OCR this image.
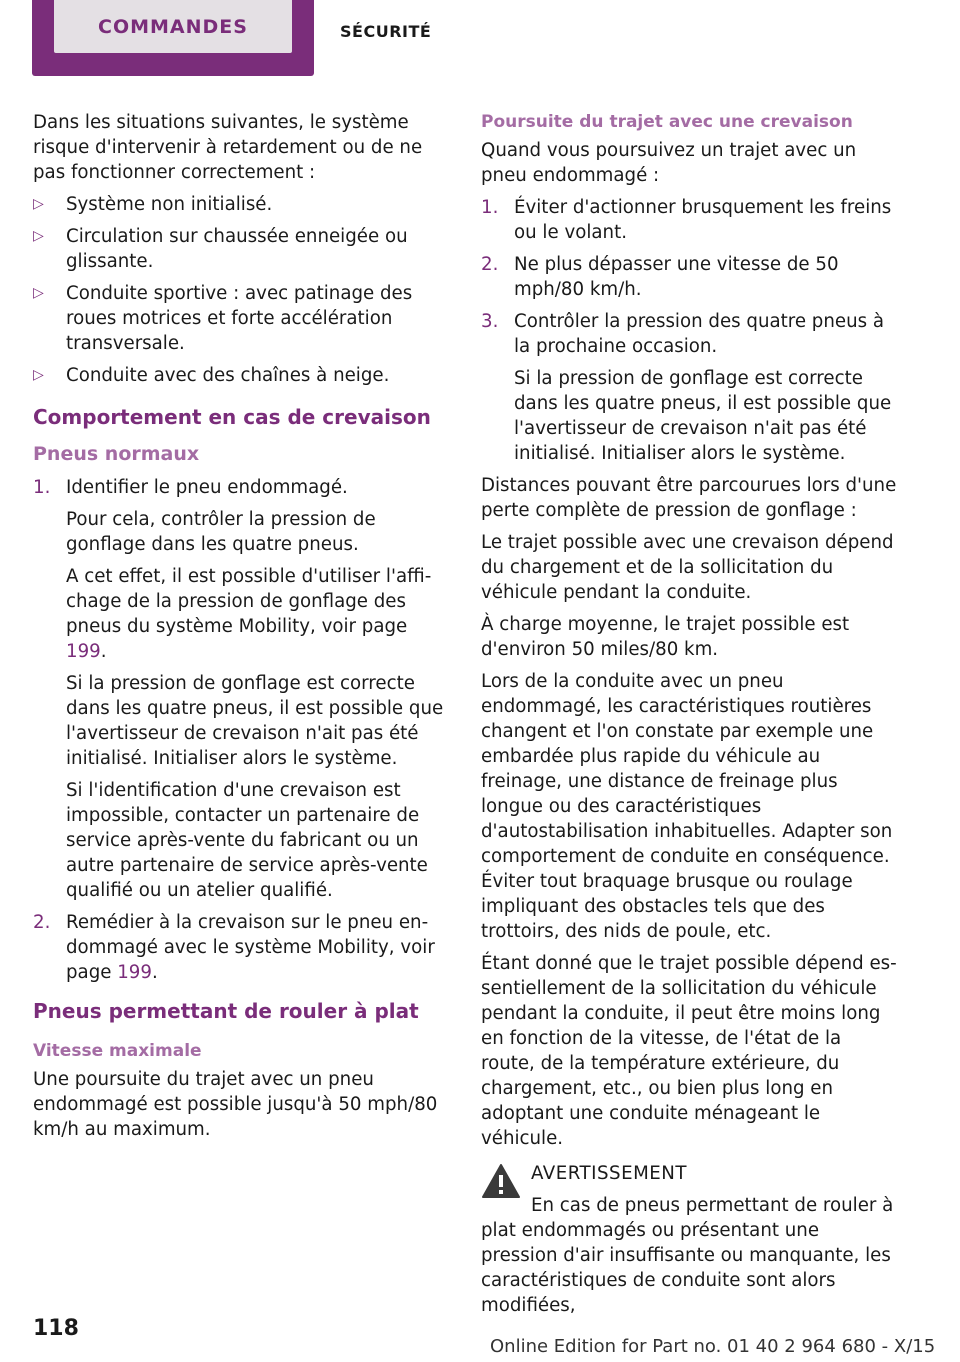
COMMANDES	SÉCURITÉ

Dans les situations suivantes, le système risque d'intervenir à retardement ou de ne pas fonctionner correctement :

▷ Système non initialisé.
▷ Circulation sur chaussée enneigée ou glissante.
▷ Conduite sportive : avec patinage des roues motrices et forte accélération transversale.
▷ Conduite avec des chaînes à neige.
Comportement en cas de crevaison
Pneus normaux
1. Identifier le pneu endommagé.

Pour cela, contrôler la pression de gonflage dans les quatre pneus.

A cet effet, il est possible d'utiliser l'affichage de la pression de gonflage des pneus du système Mobility, voir page 199.

Si la pression de gonflage est correcte dans les quatre pneus, il est possible que l'avertisseur de crevaison n'ait pas été initialisé. Initialiser alors le système.

Si l'identification d'une crevaison est impossible, contacter un partenaire de service après-vente du fabricant ou un autre partenaire de service après-vente qualifié ou un atelier qualifié.

2. Remédier à la crevaison sur le pneu endommagé avec le système Mobility, voir page 199.

Pneus permettant de rouler à plat
Vitesse maximale

Une poursuite du trajet avec un pneu endommagé est possible jusqu'à 50 mph/80 km/h au maximum.

Poursuite du trajet avec une crevaison

Quand vous poursuivez un trajet avec un pneu endommagé :

1. Éviter d'actionner brusquement les freins ou le volant.

2. Ne plus dépasser une vitesse de 50 mph/80 km/h.

3. Contrôler la pression des quatre pneus à la prochaine occasion.

Si la pression de gonflage est correcte dans les quatre pneus, il est possible que l'avertisseur de crevaison n'ait pas été initialisé. Initialiser alors le système.

Distances pouvant être parcourues lors d'une perte complète de pression de gonflage :

Le trajet possible avec une crevaison dépend du chargement et de la sollicitation du véhicule pendant la conduite.

À charge moyenne, le trajet possible est d'environ 50 miles/80 km.

Lors de la conduite avec un pneu endommagé, les caractéristiques routières changent et l'on constate par exemple une embardée plus rapide du véhicule au freinage, une distance de freinage plus longue ou des caractéristiques d'autostabilisation inhabituelles. Adapter son comportement de conduite en conséquence. Éviter tout braquage brusque ou roulage impliquant des obstacles tels que des trottoirs, des nids de poule, etc.

Étant donné que le trajet possible dépend essentiellement de la sollicitation du véhicule pendant la conduite, il peut être moins long en fonction de la vitesse, de l'état de la route, de la température extérieure, du chargement, etc., ou bien plus long en adoptant une conduite ménageant le véhicule.

AVERTISSEMENT

En cas de pneus permettant de rouler à plat endommagés ou présentant une pression d'air insuffisante ou manquante, les caractéristiques de conduite sont alors modifiées,

118
Online Edition for Part no. 01 40 2 964 680 - X/15
